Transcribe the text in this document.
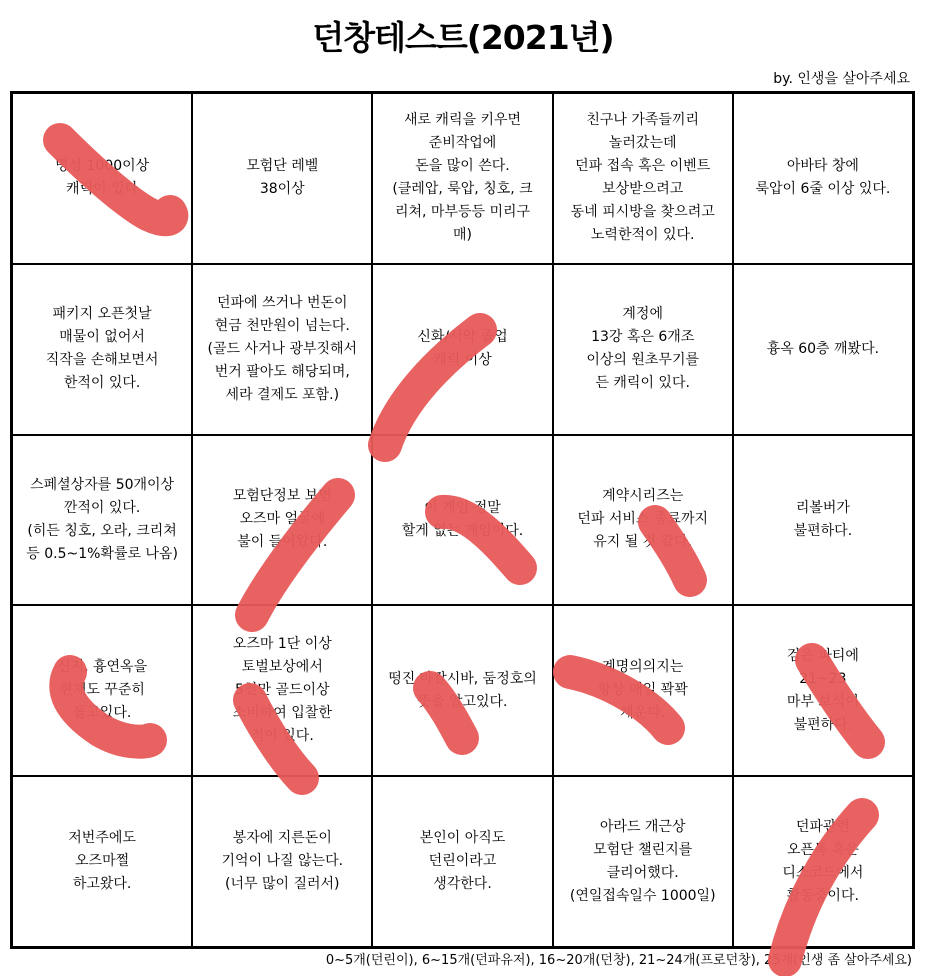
던창테스트(2021년)
by. 인생을 살아주세요
명성 1000이상
캐릭이 있다
모험단 레벨
38이상
새로 캐릭을 키우면
준비작업에
돈을 많이 쓴다.
(클레압, 룩압, 칭호, 크
리쳐, 마부등등 미리구
매)
친구나 가족들끼리
놀러갔는데
던파 접속 혹은 이벤트
보상받으려고
동네 피시방을 찾으려고
노력한적이 있다.
아바타 창에
룩압이 6줄 이상 있다.
패키지 오픈첫날
매물이 없어서
직작을 손해보면서
한적이 있다.
던파에 쓰거나 번돈이
현금 천만원이 넘는다.
(골드 사거나 광부짓해서
번거 팔아도 해당되며,
세라 결제도 포함.)
신화/서약 졸업
캐릭 이상
계정에
13강 혹은 6개조
이상의 원초무기를
든 캐릭이 있다.
흉옥 60층 깨봤다.
스페셜상자를 50개이상
깐적이 있다.
(히든 칭호, 오라, 크리쳐
등 0.5~1%확률로 나옴)
모험단정보 보면
오즈마 얼굴에
불이 들어왔다.
이 게임 정말
할게 없는 게임이다.
계약시리즈는
던파 서비스 종료까지
유지 될 것 같다.
리볼버가
불편하다.
신지, 흉연옥을
현재도 꾸준히
돌고있다.
오즈마 1단 이상
토벌보상에서
5천만 골드이상
소비하여 입찰한
적이 있다.
떵진 바칼시바, 둠정호의
뜻을 알고있다.
계명의의지는
항상 매일 꽉꽉
채운다.
검은 파티에
21~23
마부 보석이
불편하다.
저번주에도
오즈마쩔
하고왔다.
봉자에 지른돈이
기억이 나질 않는다.
(너무 많이 질러서)
본인이 아직도
던린이라고
생각한다.
아라드 개근상
모험단 챌린지를
클리어했다.
(연일접속일수 1000일)
던파관련
오픈톡 혹은
디스코드에서
활동중이다.
0~5개(던린이), 6~15개(던파유저), 16~20개(던창), 21~24개(프로던창), 25개(인생 좀 살아주세요)
